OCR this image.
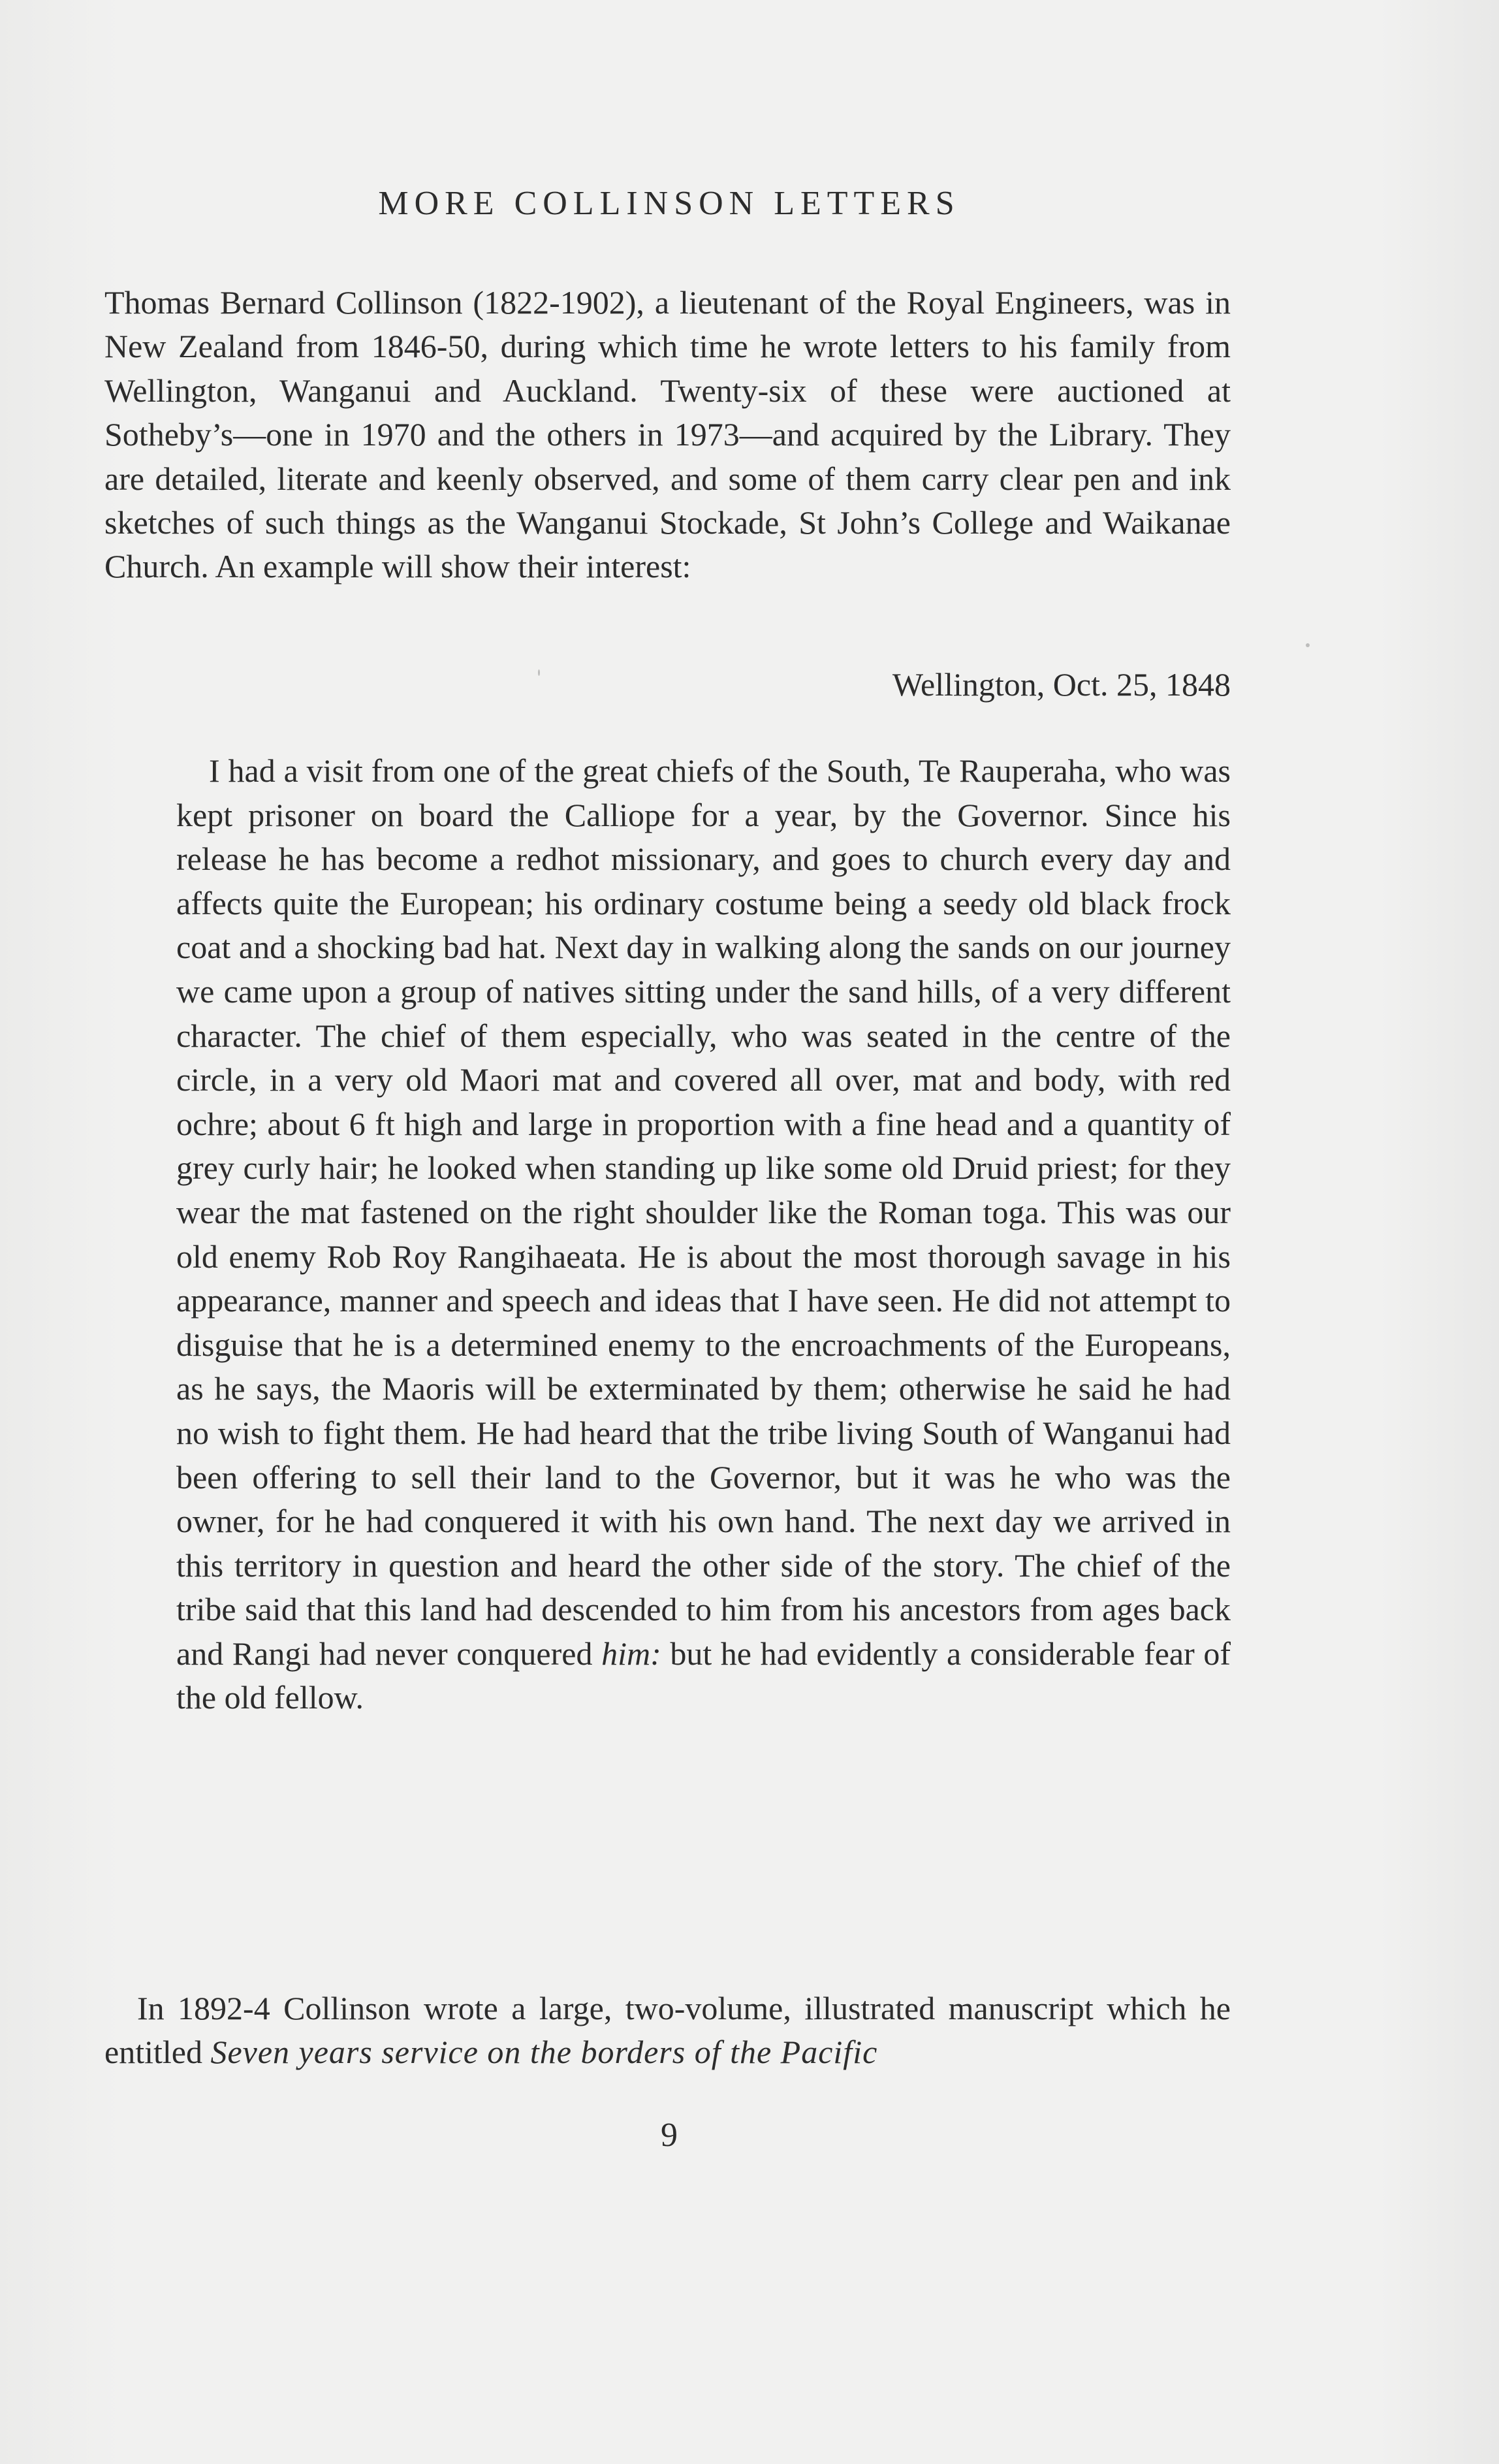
MORE COLLINSON LETTERS

Thomas Bernard Collinson (1822-1902), a lieutenant of the Royal Engineers, was in New Zealand from 1846-50, during which time he wrote letters to his family from Wellington, Wanganui and Auckland. Twenty-six of these were auctioned at Sotheby’s—one in 1970 and the others in 1973—and acquired by the Library. They are detailed, literate and keenly observed, and some of them carry clear pen and ink sketches of such things as the Wanganui Stockade, St John’s College and Waikanae Church. An example will show their interest:

Wellington, Oct. 25, 1848

I had a visit from one of the great chiefs of the South, Te Rauperaha, who was kept prisoner on board the Calliope for a year, by the Governor. Since his release he has become a redhot missionary, and goes to church every day and affects quite the European; his ordinary costume being a seedy old black frock coat and a shocking bad hat. Next day in walking along the sands on our journey we came upon a group of natives sitting under the sand hills, of a very different character. The chief of them especially, who was seated in the centre of the circle, in a very old Maori mat and covered all over, mat and body, with red ochre; about 6 ft high and large in proportion with a fine head and a quantity of grey curly hair; he looked when standing up like some old Druid priest; for they wear the mat fastened on the right shoulder like the Roman toga. This was our old enemy Rob Roy Rangihaeata. He is about the most thorough savage in his appearance, manner and speech and ideas that I have seen. He did not attempt to disguise that he is a determined enemy to the encroachments of the Europeans, as he says, the Maoris will be exterminated by them; otherwise he said he had no wish to fight them. He had heard that the tribe living South of Wanganui had been offering to sell their land to the Governor, but it was he who was the owner, for he had conquered it with his own hand. The next day we arrived in this territory in question and heard the other side of the story. The chief of the tribe said that this land had descended to him from his ancestors from ages back and Rangi had never conquered him: but he had evidently a considerable fear of the old fellow.

In 1892-4 Collinson wrote a large, two-volume, illustrated manuscript which he entitled Seven years service on the borders of the Pacific

9
